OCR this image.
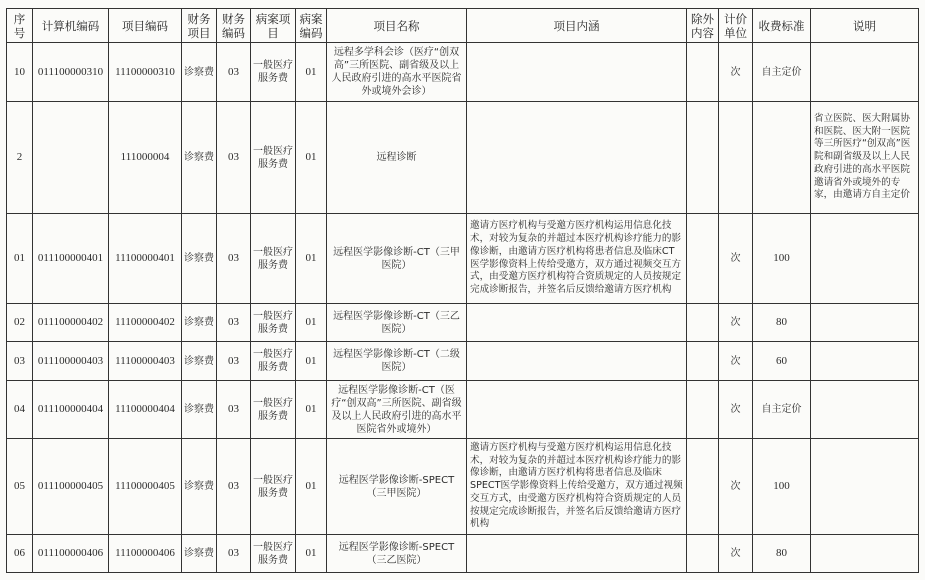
序号	计算机编码	项目编码	财务项目	财务编码	病案项目	病案编码	项目名称	项目内涵	除外内容	计价单位	收费标准	说明
10	011100000310	11100000310	诊察费	03	一般医疗服务费	01	远程多学科会诊（医疗“创双高”三所医院、副省级及以上人民政府引进的高水平医院省外或境外会诊）			次	自主定价	
2		111000004	诊察费	03	一般医疗服务费	01	远程诊断					省立医院、医大附属协和医院、医大附一医院等三所医疗“创双高”医院和副省级及以上人民政府引进的高水平医院邀请省外或境外的专家，由邀请方自主定价
01	011100000401	11100000401	诊察费	03	一般医疗服务费	01	远程医学影像诊断-CT（三甲医院）	邀请方医疗机构与受邀方医疗机构运用信息化技术，对较为复杂的并超过本医疗机构诊疗能力的影像诊断，由邀请方医疗机构将患者信息及临床CT医学影像资料上传给受邀方，双方通过视频交互方式，由受邀方医疗机构符合资质规定的人员按规定完成诊断报告，并签名后反馈给邀请方医疗机构		次	100	
02	011100000402	11100000402	诊察费	03	一般医疗服务费	01	远程医学影像诊断-CT（三乙医院）			次	80	
03	011100000403	11100000403	诊察费	03	一般医疗服务费	01	远程医学影像诊断-CT（二级医院）			次	60	
04	011100000404	11100000404	诊察费	03	一般医疗服务费	01	远程医学影像诊断-CT（医疗“创双高”三所医院、副省级及以上人民政府引进的高水平医院省外或境外）			次	自主定价	
05	011100000405	11100000405	诊察费	03	一般医疗服务费	01	远程医学影像诊断-SPECT（三甲医院）	邀请方医疗机构与受邀方医疗机构运用信息化技术，对较为复杂的并超过本医疗机构诊疗能力的影像诊断，由邀请方医疗机构将患者信息及临床SPECT医学影像资料上传给受邀方，双方通过视频交互方式，由受邀方医疗机构符合资质规定的人员按规定完成诊断报告，并签名后反馈给邀请方医疗机构		次	100	
06	011100000406	11100000406	诊察费	03	一般医疗服务费	01	远程医学影像诊断-SPECT（三乙医院）			次	80	
